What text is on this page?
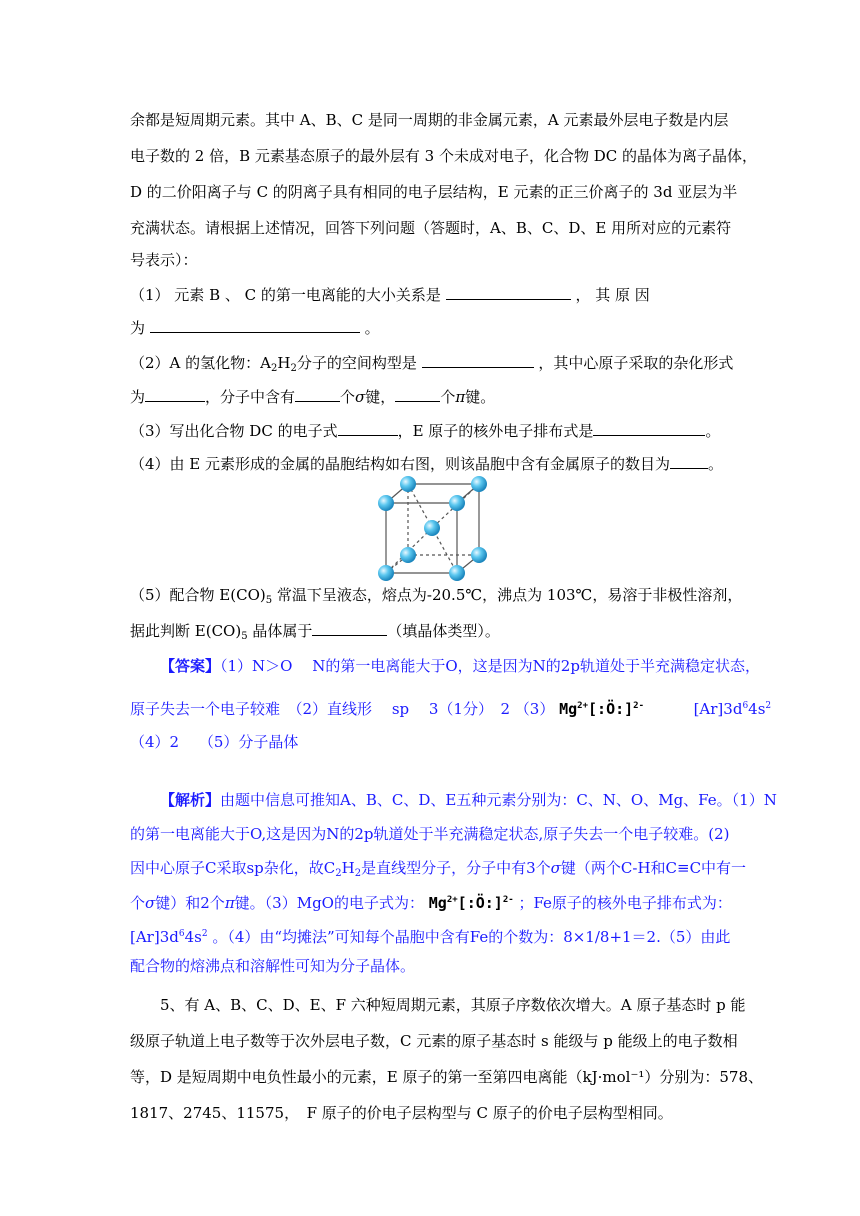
余都是短周期元素。其中 A、B、C 是同一周期的非金属元素，A 元素最外层电子数是内层
电子数的 2 倍，B 元素基态原子的最外层有 3 个未成对电子，化合物 DC 的晶体为离子晶体，
D 的二价阳离子与 C 的阴离子具有相同的电子层结构，E 元素的正三价离子的 3d 亚层为半
充满状态。请根据上述情况，回答下列问题（答题时，A、B、C、D、E 用所对应的元素符
号表示）：
（1） 元素 B 、 C 的第一电离能的大小关系是	， 其 原 因
为	。
（2）A 的氢化物：$A_2H_2$分子的空间构型是	，其中心原子采取的杂化形式
为	，分子中含有	个σ键，	个π键。
（3）写出化合物 DC 的电子式	，E 原子的核外电子排布式是	。
（4）由 E 元素形成的金属的晶胞结构如右图，则该晶胞中含有金属原子的数目为	。
（5）配合物 $E(CO)_5$ 常温下呈液态，熔点为-20.5℃，沸点为 103℃，易溶于非极性溶剂，
据此判断 $E(CO)_5$ 晶体属于	（填晶体类型）。
【答案】（1）N＞O　 N的第一电离能大于O，这是因为N的2p轨道处于半充满稳定状态，
原子失去一个电子较难　（2）直线形　 sp　 3（1分）　2 （3） $Mg^{2+}[:Ö:]^{2-}$	$[Ar]3d^64s^2$
（4）2　 （5）分子晶体
【解析】由题中信息可推知A、B、C、D、E五种元素分别为：C、N、O、Mg、Fe。（1）N
的第一电离能大于O,这是因为N的2p轨道处于半充满稳定状态,原子失去一个电子较难。(2)
因中心原子C采取sp杂化，故$C_2H_2$是直线型分子，分子中有3个σ键（两个C-H和C≡C中有一
个σ键）和2个π键。（3）MgO的电子式为： $Mg^{2+}[:Ö:]^{2-}$ ；Fe原子的核外电子排布式为：
$[Ar]3d^64s^2$ 。（4）由“均摊法”可知每个晶胞中含有Fe的个数为：8×1/8+1＝2.（5）由此
配合物的熔沸点和溶解性可知为分子晶体。
5、有 A、B、C、D、E、F 六种短周期元素，其原子序数依次增大。A 原子基态时 p 能
级原子轨道上电子数等于次外层电子数，C 元素的原子基态时 s 能级与 p 能级上的电子数相
等，D 是短周期中电负性最小的元素，E 原子的第一至第四电离能（kJ·mol⁻¹）分别为：578、
1817、2745、11575，　F 原子的价电子层构型与 C 原子的价电子层构型相同。
